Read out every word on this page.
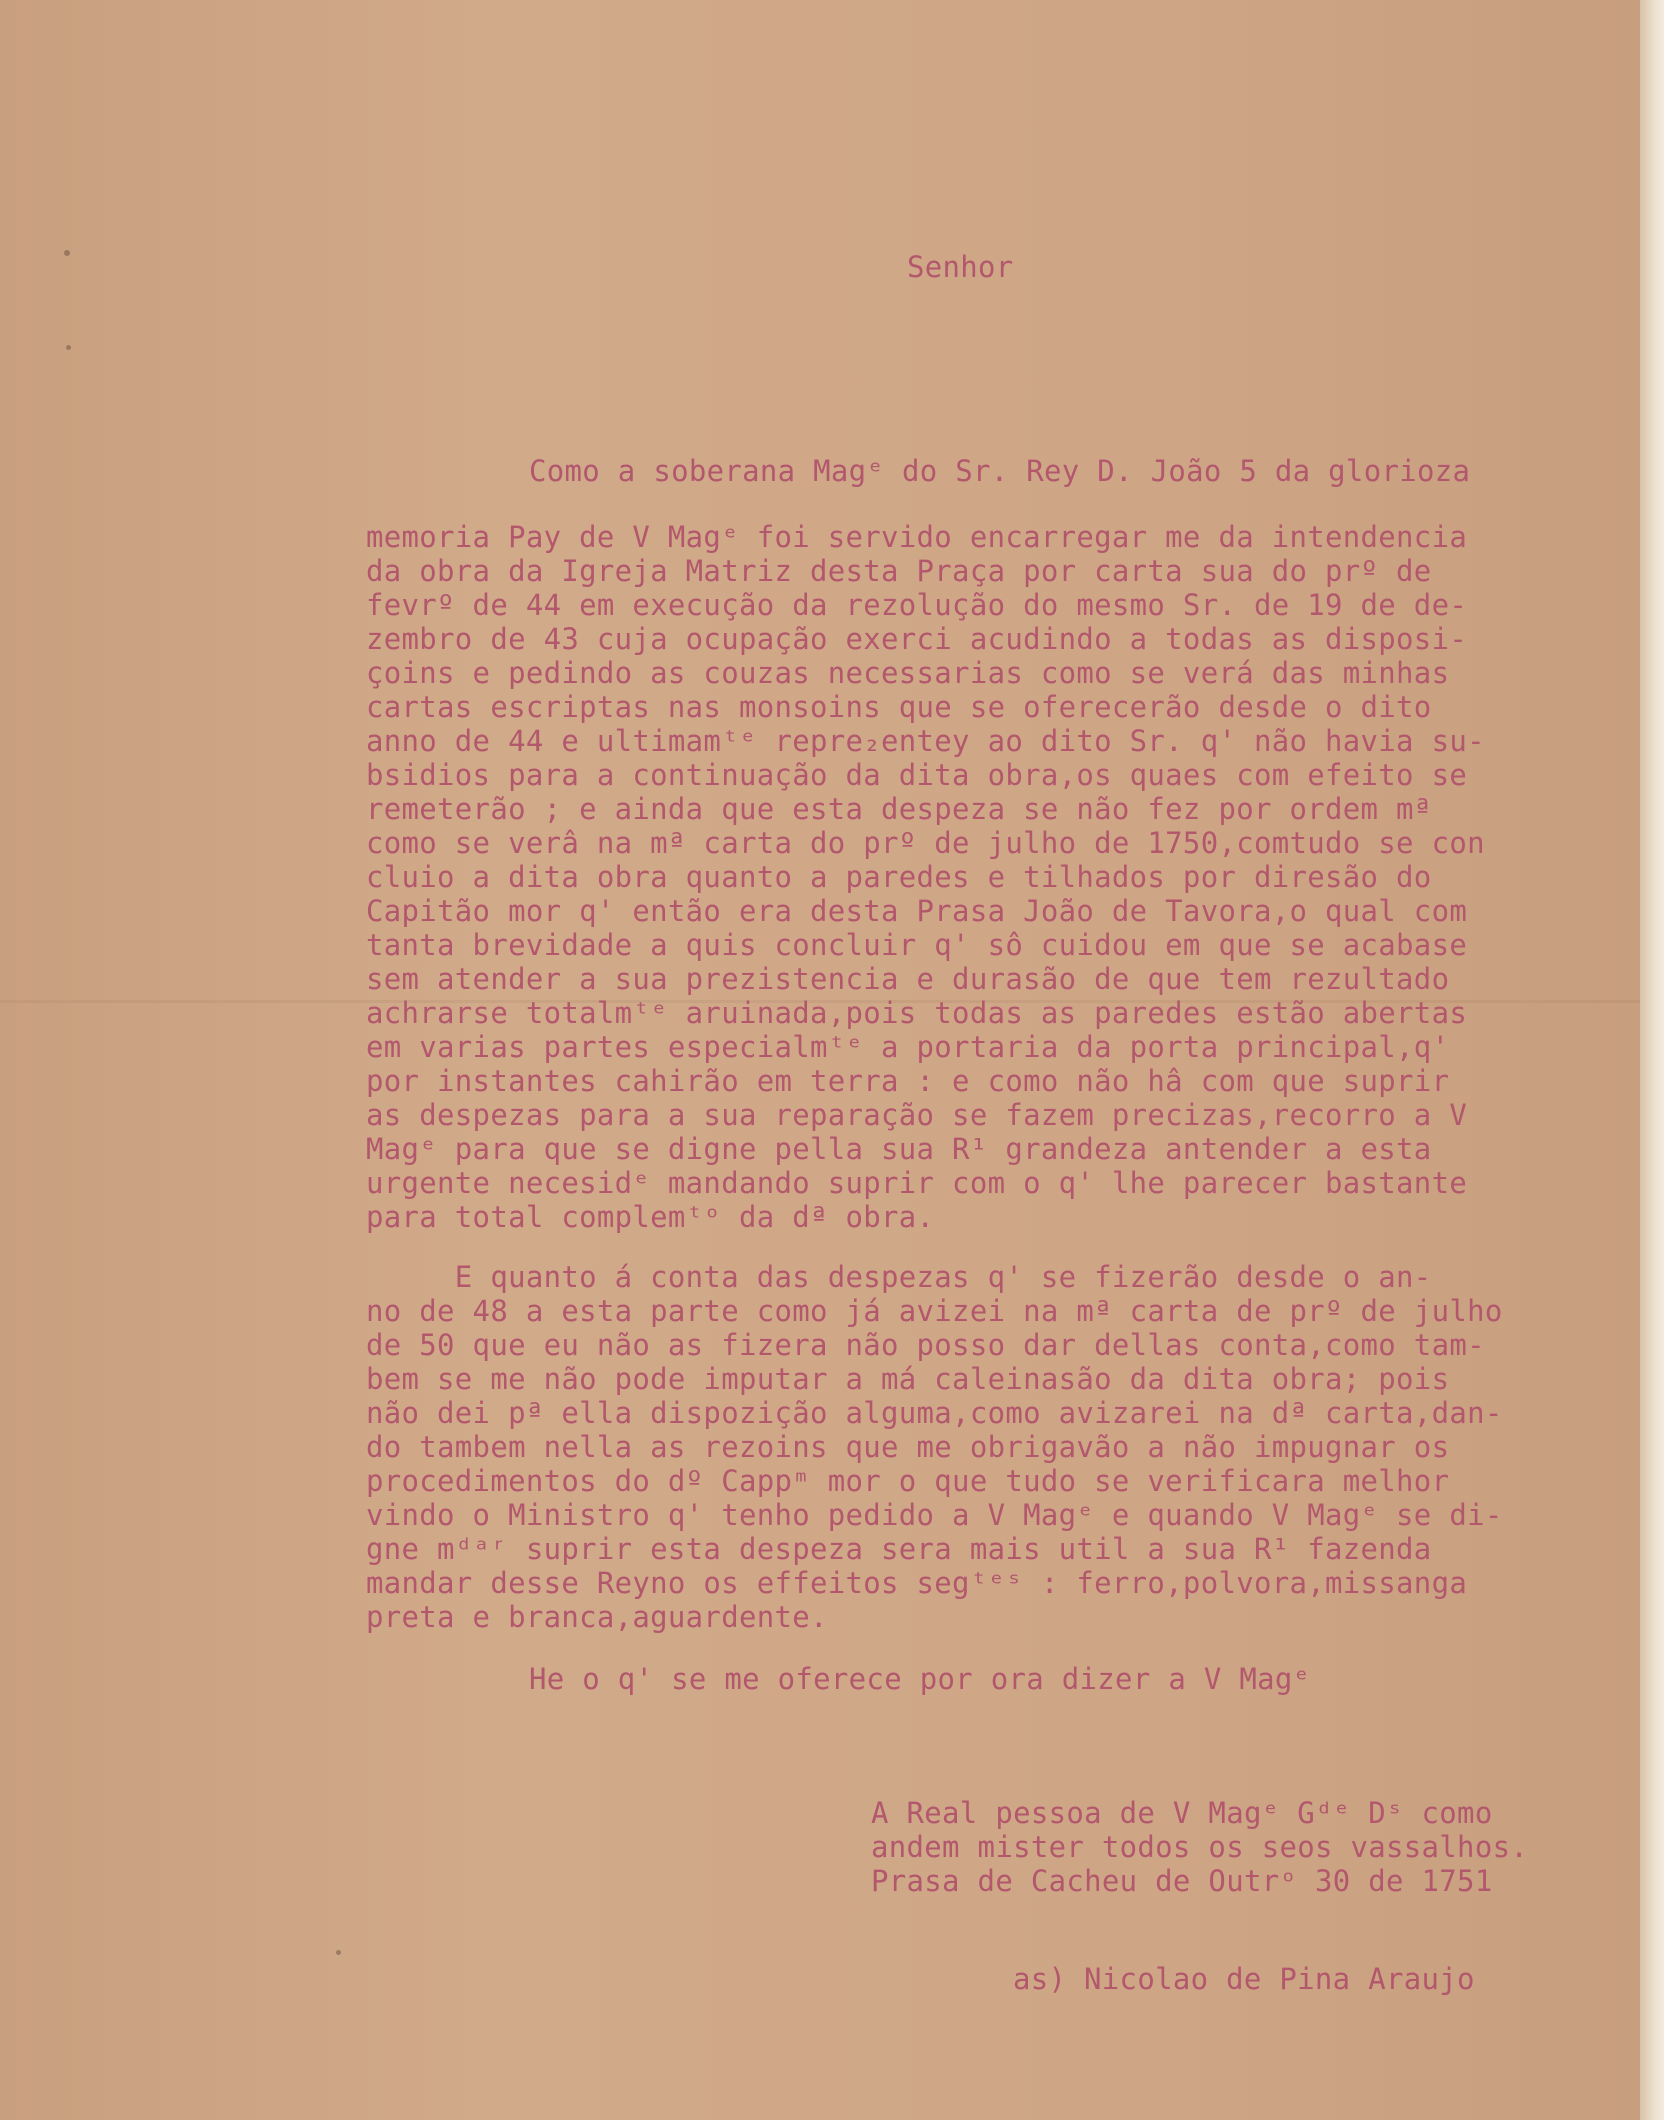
Senhor

Como a soberana Magᵉ do Sr. Rey D. João 5 da glorioza

memoria Pay de V Magᵉ foi servido encarregar me da intendencia

da obra da Igreja Matriz desta Praça por carta sua do prº de

fevrº de 44 em execução da rezolução do mesmo Sr. de 19 de de-

zembro de 43 cuja ocupação exerci acudindo a todas as disposi-

çoins e pedindo as couzas necessarias como se verá das minhas

cartas escriptas nas monsoins que se oferecerão desde o dito

anno de 44 e ultimamᵗᵉ repre₂entey ao dito Sr. q' não havia su-

bsidios para a continuação da dita obra,os quaes com efeito se

remeterão ; e ainda que esta despeza se não fez por ordem mª

como se verâ na mª carta do prº de julho de 1750,comtudo se con

cluio a dita obra quanto a paredes e tilhados por diresão do

Capitão mor q' então era desta Prasa João de Tavora,o qual com

tanta brevidade a quis concluir q' sô cuidou em que se acabase

sem atender a sua prezistencia e durasão de que tem rezultado

achrarse totalmᵗᵉ aruinada,pois todas as paredes estão abertas

em varias partes especialmᵗᵉ a portaria da porta principal,q'

por instantes cahirão em terra : e como não hâ com que suprir

as despezas para a sua reparação se fazem precizas,recorro a V

Magᵉ para que se digne pella sua R¹ grandeza antender a esta

urgente necesidᵉ mandando suprir com o q' lhe parecer bastante

para total complemᵗᵒ da dª obra.

E quanto á conta das despezas q' se fizerão desde o an-

no de 48 a esta parte como já avizei na mª carta de prº de julho

de 50 que eu não as fizera não posso dar dellas conta,como tam-

bem se me não pode imputar a má caleinasão da dita obra; pois

não dei pª ella dispozição alguma,como avizarei na dª carta,dan-

do tambem nella as rezoins que me obrigavão a não impugnar os

procedimentos do dº Cappᵐ mor o que tudo se verificara melhor

vindo o Ministro q' tenho pedido a V Magᵉ e quando V Magᵉ se di-

gne mᵈᵃʳ suprir esta despeza sera mais util a sua R¹ fazenda

mandar desse Reyno os effeitos segᵗᵉˢ : ferro,polvora,missanga

preta e branca,aguardente.

He o q' se me oferece por ora dizer a V Magᵉ

A Real pessoa de V Magᵉ Gᵈᵉ Dˢ como

andem mister todos os seos vassalhos.

Prasa de Cacheu de Outrᵒ 30 de 1751

as) Nicolao de Pina Araujo
